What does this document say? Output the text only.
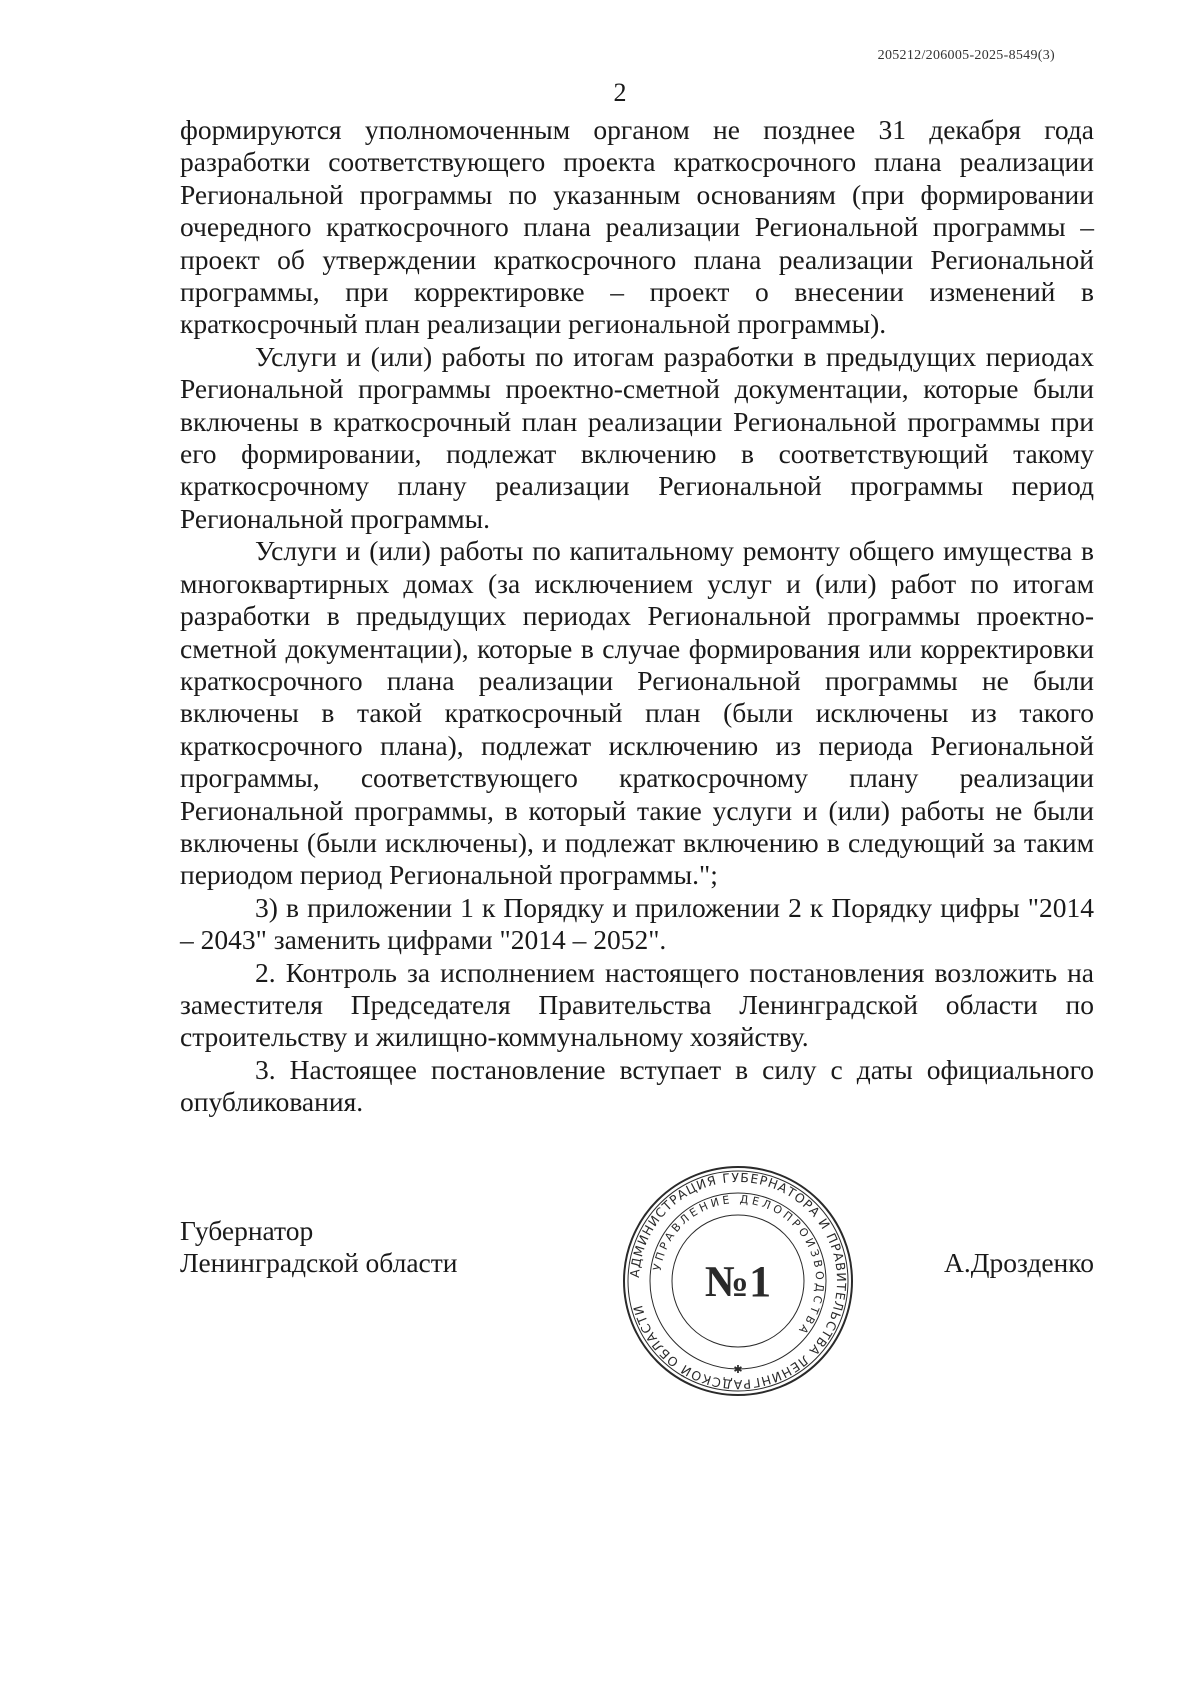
205212/206005-2025-8549(3)
2

формируются уполномоченным органом не позднее 31 декабря года разработки соответствующего проекта краткосрочного плана реализации Региональной программы по указанным основаниям (при формировании очередного краткосрочного плана реализации Региональной программы – проект об утверждении краткосрочного плана реализации Региональной программы, при корректировке – проект о внесении изменений в краткосрочный план реализации региональной программы).

Услуги и (или) работы по итогам разработки в предыдущих периодах Региональной программы проектно-сметной документации, которые были включены в краткосрочный план реализации Региональной программы при его формировании, подлежат включению в соответствующий такому краткосрочному плану реализации Региональной программы период Региональной программы.

Услуги и (или) работы по капитальному ремонту общего имущества в многоквартирных домах (за исключением услуг и (или) работ по итогам разработки в предыдущих периодах Региональной программы проектно-сметной документации), которые в случае формирования или корректировки краткосрочного плана реализации Региональной программы не были включены в такой краткосрочный план (были исключены из такого краткосрочного плана), подлежат исключению из периода Региональной программы, соответствующего краткосрочному плану реализации Региональной программы, в который такие услуги и (или) работы не были включены (были исключены), и подлежат включению в следующий за таким периодом период Региональной программы.";

3) в приложении 1 к Порядку и приложении 2 к Порядку цифры "2014 – 2043" заменить цифрами "2014 – 2052".

2. Контроль за исполнением настоящего постановления возложить на заместителя Председателя Правительства Ленинградской области по строительству и жилищно-коммунальному хозяйству.

3. Настоящее постановление вступает в силу с даты официального опубликования.

Губернатор
Ленинградской области	А.Дрозденко
АДМИНИСТРАЦИЯ ГУБЕРНАТОРА И ПРАВИТЕЛЬСТВА ЛЕНИНГРАДСКОЙ ОБЛАСТИ
УПРАВЛЕНИЕ ДЕЛОПРОИЗВОДСТВА
№1
✱
